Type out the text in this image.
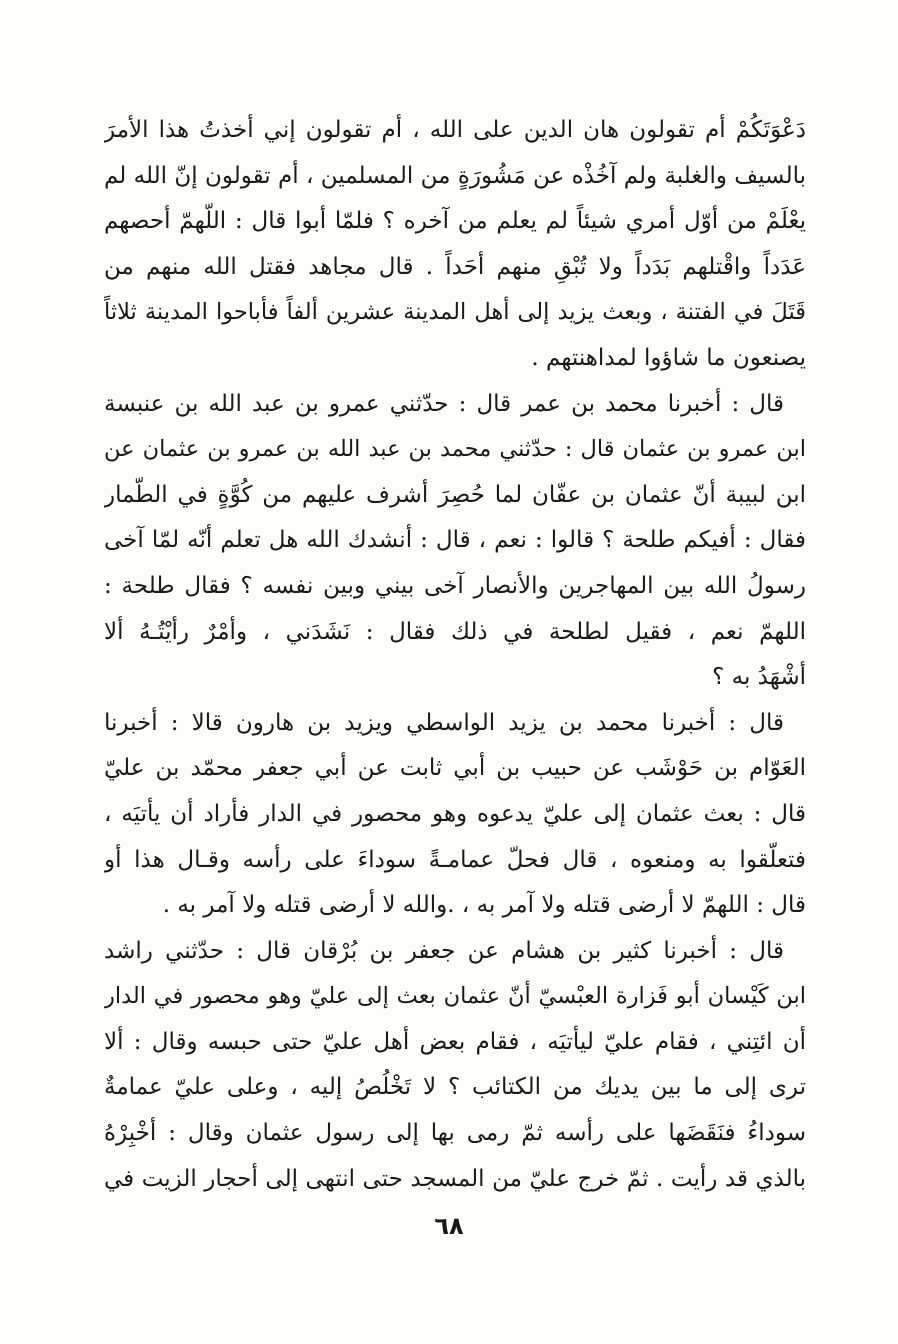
دَعْوَتَكُمْ أم تقولون هان الدين على الله ، أم تقولون إني أخذتُ هذا الأمرَ
بالسيف والغلبة ولم آخُذْه عن مَشُورَةٍ من المسلمين ، أم تقولون إنّ الله لم
يعْلَمْ من أوّل أمري شيئاً لم يعلم من آخره ؟ فلمّا أبوا قال : اللّهمّ أحصهم
عَدَداً واقْتلهم بَدَداً ولا تُبْقِ منهم أحَداً . قال مجاهد فقتل الله منهم من
قَتَلَ في الفتنة ، وبعث يزيد إلى أهل المدينة عشرين ألفاً فأباحوا المدينة ثلاثاً
يصنعون ما شاؤوا لمداهنتهم .
قال : أخبرنا محمد بن عمر قال : حدّثني عمرو بن عبد الله بن عنبسة
ابن عمرو بن عثمان قال : حدّثني محمد بن عبد الله بن عمرو بن عثمان عن
ابن لبيبة أنّ عثمان بن عفّان لما حُصِرَ أشرف عليهم من كُوَّةٍ في الطّمار
فقال : أفيكم طلحة ؟ قالوا : نعم ، قال : أنشدك الله هل تعلم أنّه لمّا آخى
رسولُ الله بين المهاجرين والأنصار آخى بيني وبين نفسه ؟ فقال طلحة :
اللهمّ نعم ، فقيل لطلحة في ذلك فقال : نَشَدَني ، وأمْرٌ رأيْتُـهُ ألا
أشْهَدُ به ؟
قال : أخبرنا محمد بن يزيد الواسطي ويزيد بن هارون قالا : أخبرنا
العَوّام بن حَوْشَب عن حبيب بن أبي ثابت عن أبي جعفر محمّد بن عليّ
قال : بعث عثمان إلى عليّ يدعوه وهو محصور في الدار فأراد أن يأتيَه ،
فتعلّقوا به ومنعوه ، قال فحلّ عمامـةً سوداءَ على رأسه وقـال هذا أو
قال : اللهمّ لا أرضى قتله ولا آمر به ، .والله لا أرضى قتله ولا آمر به .
قال : أخبرنا كثير بن هشام عن جعفر بن بُرْقان قال : حدّثني راشد
ابن كَيْسان أبو فَزارة العبْسيّ أنّ عثمان بعث إلى عليّ وهو محصور في الدار
أن ائتِني ، فقام عليّ ليأتيَه ، فقام بعض أهل عليّ حتى حبسه وقال : ألا
ترى إلى ما بين يديك من الكتائب ؟ لا تَخْلُصُ إليه ، وعلى عليّ عمامةٌ
سوداءُ فنَقَضَها على رأسه ثمّ رمى بها إلى رسول عثمان وقال : أخْبِرْهُ
بالذي قد رأيت . ثمّ خرج عليّ من المسجد حتى انتهى إلى أحجار الزيت في
٦٨
